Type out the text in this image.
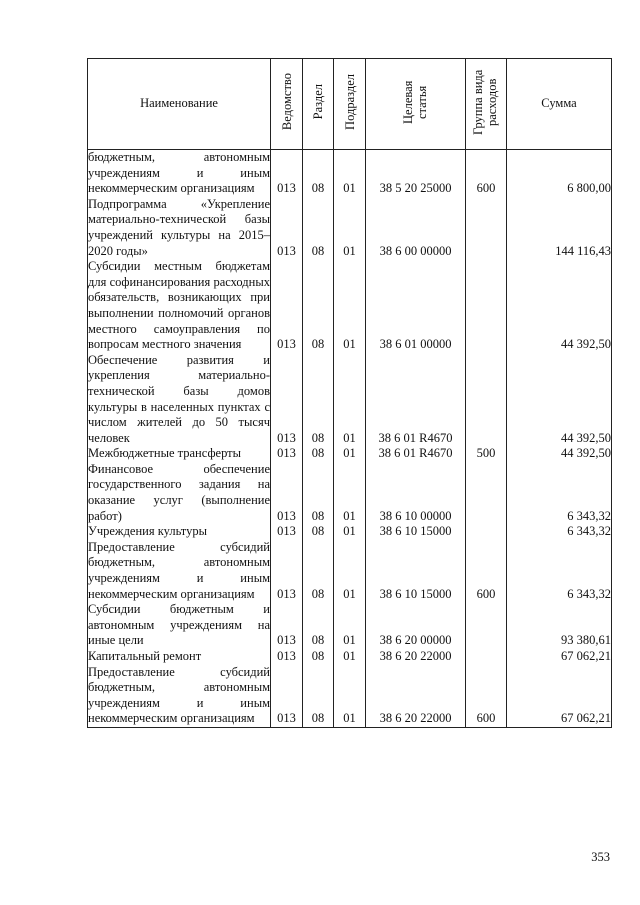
Наименование	Ведомство	Раздел	Подраздел	Целевая статья	Группа вида расходов	Сумма
бюджетным, автономным учреждениям и иным некоммерческим организациям	013	08	01	38 5 20 25000	600	6 800,00
Подпрограмма «Укрепление материально-технической базы учреждений культуры на 2015–2020 годы»	013	08	01	38 6 00 00000		144 116,43
Субсидии местным бюджетам для софинансирования расходных обязательств, возникающих при выполнении полномочий органов местного самоуправления по вопросам местного значения	013	08	01	38 6 01 00000		44 392,50
Обеспечение развития и укрепления материально-технической базы домов культуры в населенных пунктах с числом жителей до 50 тысяч человек	013	08	01	38 6 01 R4670		44 392,50
Межбюджетные трансферты	013	08	01	38 6 01 R4670	500	44 392,50
Финансовое обеспечение государственного задания на оказание услуг (выполнение работ)	013	08	01	38 6 10 00000		6 343,32
Учреждения культуры	013	08	01	38 6 10 15000		6 343,32
Предоставление субсидий бюджетным, автономным учреждениям и иным некоммерческим организациям	013	08	01	38 6 10 15000	600	6 343,32
Субсидии бюджетным и автономным учреждениям на иные цели	013	08	01	38 6 20 00000		93 380,61
Капитальный ремонт	013	08	01	38 6 20 22000		67 062,21
Предоставление субсидий бюджетным, автономным учреждениям и иным некоммерческим организациям	013	08	01	38 6 20 22000	600	67 062,21
353
